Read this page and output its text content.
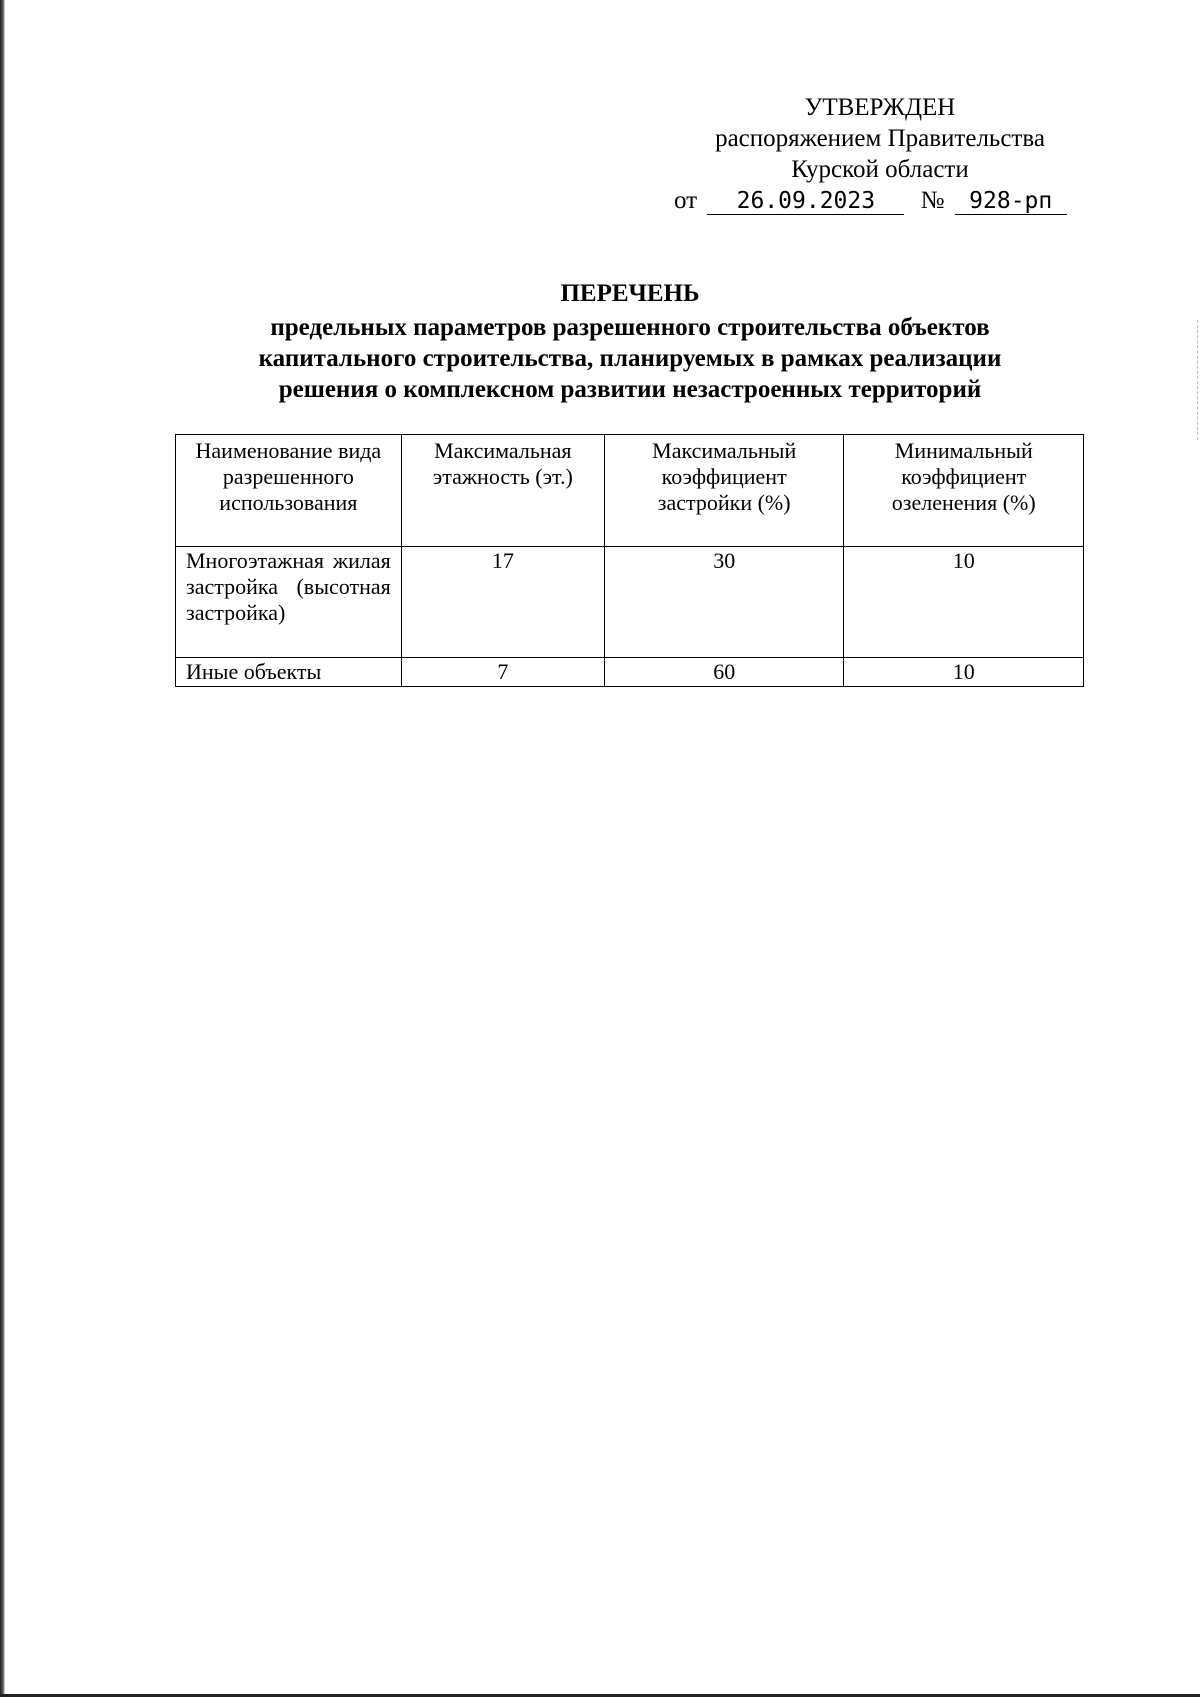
УТВЕРЖДЕН
распоряжением Правительства
Курской области
от 26.09.2023 № 928-рп
ПЕРЕЧЕНЬ
предельных параметров разрешенного строительства объектов
капитального строительства, планируемых в рамках реализации
решения о комплексном развитии незастроенных территорий
Наименование вида разрешенного использования	Максимальная этажность (эт.)	Максимальный коэффициент застройки (%)	Минимальный коэффициент озеленения (%)
Многоэтажная жилая застройка (высотная застройка)	17	30	10
Иные объекты	7	60	10
